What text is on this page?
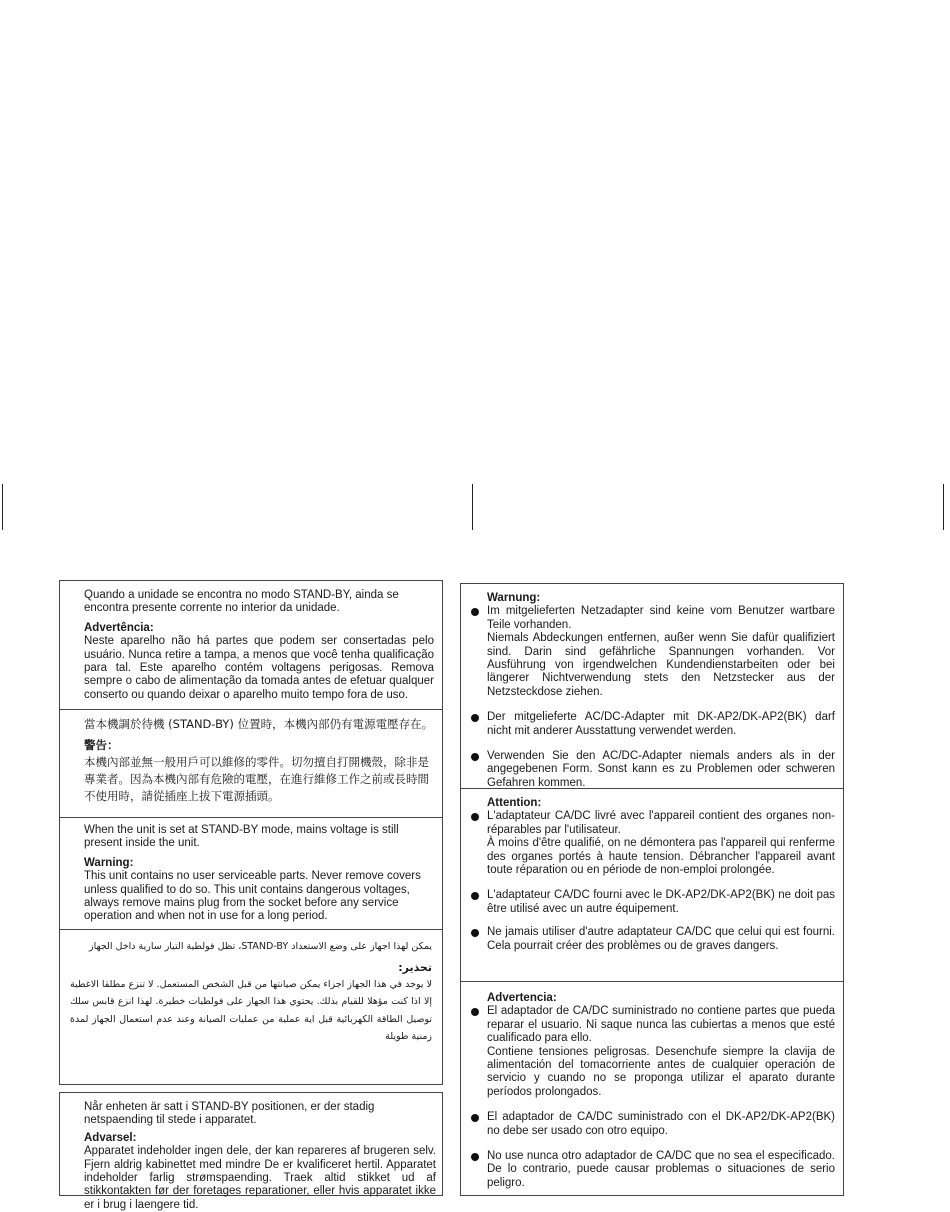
Quando a unidade se encontra no modo STAND-BY, ainda se encontra presente corrente no interior da unidade.

Advertência:

Neste aparelho não há partes que podem ser consertadas pelo usuário. Nunca retire a tampa, a menos que você tenha qualificação para tal. Este aparelho contém voltagens perigosas. Remova sempre o cabo de alimentação da tomada antes de efetuar qualquer conserto ou quando deixar o aparelho muito tempo fora de uso.

當本機調於待機 (STAND-BY) 位置時，本機內部仍有電源電壓存在。

警告：

本機內部並無一般用戶可以維修的零件。切勿擅自打開機殼，除非是專業者。因為本機內部有危險的電壓，在進行維修工作之前或長時間不使用時，請從插座上拔下電源插頭。

When the unit is set at STAND-BY mode, mains voltage is still present inside the unit.

Warning:

This unit contains no user serviceable parts. Never remove covers unless qualified to do so. This unit contains dangerous voltages, always remove mains plug from the socket before any service operation and when not in use for a long period.

يمكن لهذا اجهاز على وضع الاستعداد STAND-BY، تظل فولطية التيار سارية داخل الجهاز

تحذير:

لا يوجد في هذا الجهاز اجزاء يمكن صيانتها من قبل الشخص المستعمل. لا تنزع مطلقا الاغطية إلا اذا كنت مؤهلا للقيام بذلك. يحتوي هذا الجهاز على فولطيات خطيرة. لهذا انزع قابس سلك توصيل الطاقة الكهربائية قبل اية عملية من عمليات الصيانة وعند عدم استعمال الجهاز لمدة زمنية طويلة

Når enheten är satt i STAND-BY positionen, er der stadig netspaending til stede i apparatet.

Advarsel:

Apparatet indeholder ingen dele, der kan repareres af brugeren selv. Fjern aldrig kabinettet med mindre De er kvalificeret hertil. Apparatet indeholder farlig strømspaending. Traek altid stikket ud af stikkontakten før der foretages reparationer, eller hvis apparatet ikke er i brug i laengere tid.

Warnung:

Im mitgelieferten Netzadapter sind keine vom Benutzer wartbare Teile vorhanden.
Niemals Abdeckungen entfernen, außer wenn Sie dafür qualifiziert sind. Darin sind gefährliche Spannungen vorhanden. Vor Ausführung von irgendwelchen Kundendienstarbeiten oder bei längerer Nichtverwendung stets den Netzstecker aus der Netzsteckdose ziehen.

Der mitgelieferte AC/DC-Adapter mit DK-AP2/DK-AP2(BK) darf nicht mit anderer Ausstattung verwendet werden.

Verwenden Sie den AC/DC-Adapter niemals anders als in der angegebenen Form. Sonst kann es zu Problemen oder schweren Gefahren kommen.

Attention:

L'adaptateur CA/DC livré avec l'appareil contient des organes non- réparables par l'utilisateur.
À moins d'être qualifié, on ne démontera pas l'appareil qui renferme des organes portés à haute tension. Débrancher l'appareil avant toute réparation ou en période de non-emploi prolongée.

L'adaptateur CA/DC fourni avec le DK-AP2/DK-AP2(BK) ne doit pas être utilisé avec un autre équipement.

Ne jamais utiliser d'autre adaptateur CA/DC que celui qui est fourni. Cela pourrait créer des problèmes ou de graves dangers.

Advertencia:

El adaptador de CA/DC suministrado no contiene partes que pueda reparar el usuario. Ni saque nunca las cubiertas a menos que esté cualificado para ello.
Contiene tensiones peligrosas. Desenchufe siempre la clavija de alimentación del tomacorriente antes de cualquier operación de servicio y cuando no se proponga utilizar el aparato durante períodos prolongados.

El adaptador de CA/DC suministrado con el DK-AP2/DK-AP2(BK) no debe ser usado con otro equipo.

No use nunca otro adaptador de CA/DC que no sea el especificado. De lo contrario, puede causar problemas o situaciones de serio peligro.
